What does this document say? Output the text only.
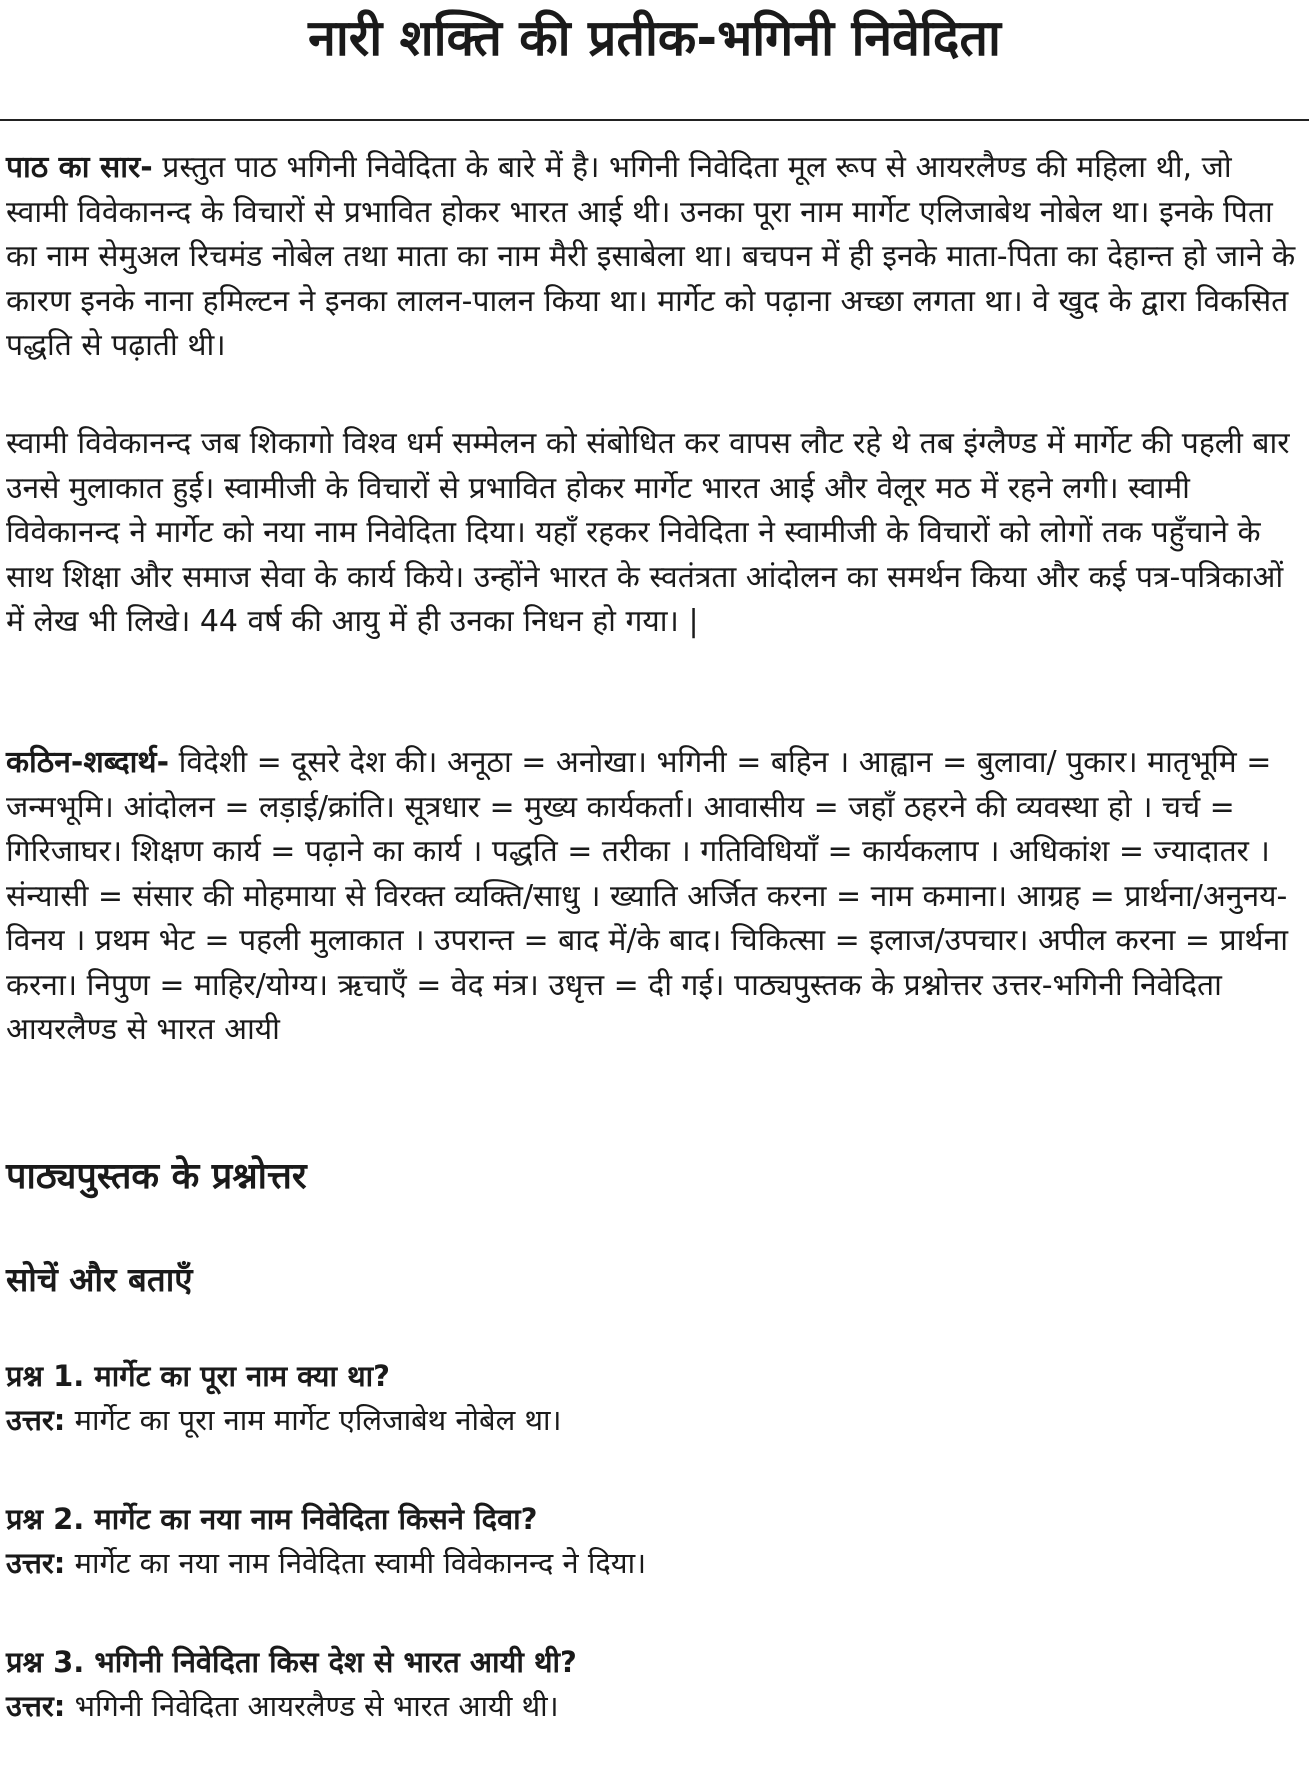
नारी शक्ति की प्रतीक-भगिनी निवेदिता

पाठ का सार- प्रस्तुत पाठ भगिनी निवेदिता के बारे में है। भगिनी निवेदिता मूल रूप से आयरलैण्ड की महिला थी, जो स्वामी विवेकानन्द के विचारों से प्रभावित होकर भारत आई थी। उनका पूरा नाम मार्गेट एलिजाबेथ नोबेल था। इनके पिता का नाम सेमुअल रिचमंड नोबेल तथा माता का नाम मैरी इसाबेला था। बचपन में ही इनके माता-पिता का देहान्त हो जाने के कारण इनके नाना हमिल्टन ने इनका लालन-पालन किया था। मार्गेट को पढ़ाना अच्छा लगता था। वे खुद के द्वारा विकसित पद्धति से पढ़ाती थी।

स्वामी विवेकानन्द जब शिकागो विश्व धर्म सम्मेलन को संबोधित कर वापस लौट रहे थे तब इंग्लैण्ड में मार्गेट की पहली बार उनसे मुलाकात हुई। स्वामीजी के विचारों से प्रभावित होकर मार्गेट भारत आई और वेलूर मठ में रहने लगी। स्वामी विवेकानन्द ने मार्गेट को नया नाम निवेदिता दिया। यहाँ रहकर निवेदिता ने स्वामीजी के विचारों को लोगों तक पहुँचाने के साथ शिक्षा और समाज सेवा के कार्य किये। उन्होंने भारत के स्वतंत्रता आंदोलन का समर्थन किया और कई पत्र-पत्रिकाओं में लेख भी लिखे। 44 वर्ष की आयु में ही उनका निधन हो गया। |

कठिन-शब्दार्थ- विदेशी = दूसरे देश की। अनूठा = अनोखा। भगिनी = बहिन । आह्वान = बुलावा/ पुकार। मातृभूमि = जन्मभूमि। आंदोलन = लड़ाई/क्रांति। सूत्रधार = मुख्य कार्यकर्ता। आवासीय = जहाँ ठहरने की व्यवस्था हो । चर्च = गिरिजाघर। शिक्षण कार्य = पढ़ाने का कार्य । पद्धति = तरीका । गतिविधियाँ = कार्यकलाप । अधिकांश = ज्यादातर । संन्यासी = संसार की मोहमाया से विरक्त व्यक्ति/साधु । ख्याति अर्जित करना = नाम कमाना। आग्रह = प्रार्थना/अनुनय-विनय । प्रथम भेट = पहली मुलाकात । उपरान्त = बाद में/के बाद। चिकित्सा = इलाज/उपचार। अपील करना = प्रार्थना करना। निपुण = माहिर/योग्य। ऋचाएँ = वेद मंत्र। उधृत्त = दी गई। पाठ्यपुस्तक के प्रश्नोत्तर उत्तर-भगिनी निवेदिता आयरलैण्ड से भारत आयी

पाठ्यपुस्तक के प्रश्नोत्तर
सोचें और बताएँ
प्रश्न 1. मार्गेट का पूरा नाम क्या था?
उत्तर: मार्गेट का पूरा नाम मार्गेट एलिजाबेथ नोबेल था।
प्रश्न 2. मार्गेट का नया नाम निवेदिता किसने दिवा?
उत्तर: मार्गेट का नया नाम निवेदिता स्वामी विवेकानन्द ने दिया।
प्रश्न 3. भगिनी निवेदिता किस देश से भारत आयी थी?
उत्तर: भगिनी निवेदिता आयरलैण्ड से भारत आयी थी।
